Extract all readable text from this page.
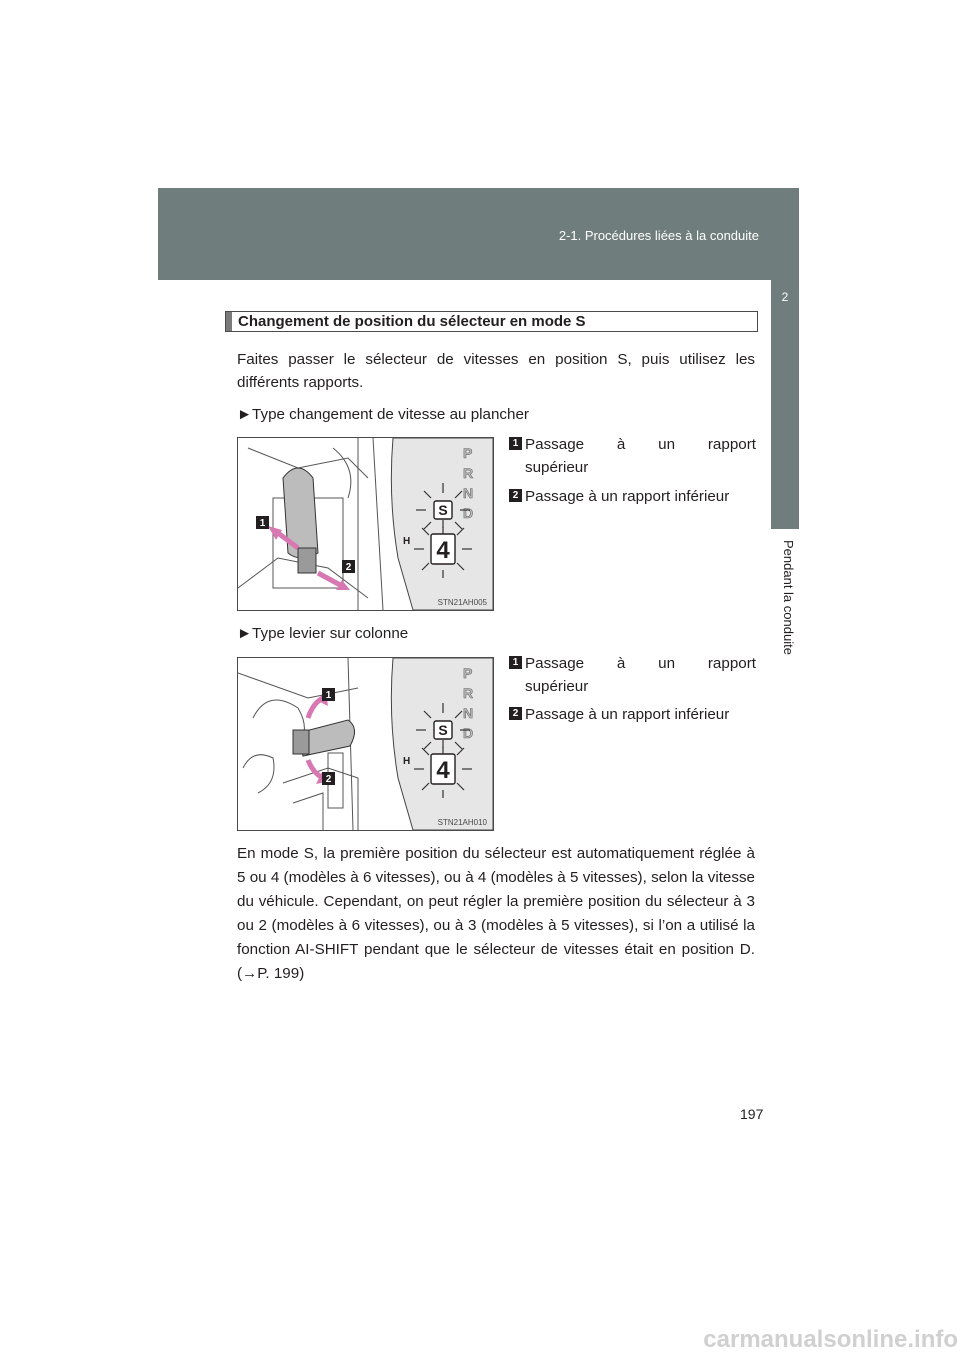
2-1. Procédures liées à la conduite
2
Pendant la conduite
Changement de position du sélecteur en mode S
Faites passer le sélecteur de vitesses en position S, puis utilisez les différents rapports.
►Type changement de vitesse au plancher
1
2
P
R
N
D
S
4
H
STN21AH005
1 Passage à un rapport
supérieur
2 Passage à un rapport inférieur
►Type levier sur colonne
1
2
P
R
N
D
S
4
H
STN21AH010
1 Passage à un rapport
supérieur
2 Passage à un rapport inférieur
En mode S, la première position du sélecteur est automatiquement réglée à 5 ou 4 (modèles à 6 vitesses), ou à 4 (modèles à 5 vitesses), selon la vitesse du véhicule. Cependant, on peut régler la première position du sélecteur à 3 ou 2 (modèles à 6 vitesses), ou à 3 (modèles à 5 vitesses), si l’on a utilisé la fonction AI-SHIFT pendant que le sélecteur de vitesses était en position D. (→P. 199)
197
carmanualsonline.info
